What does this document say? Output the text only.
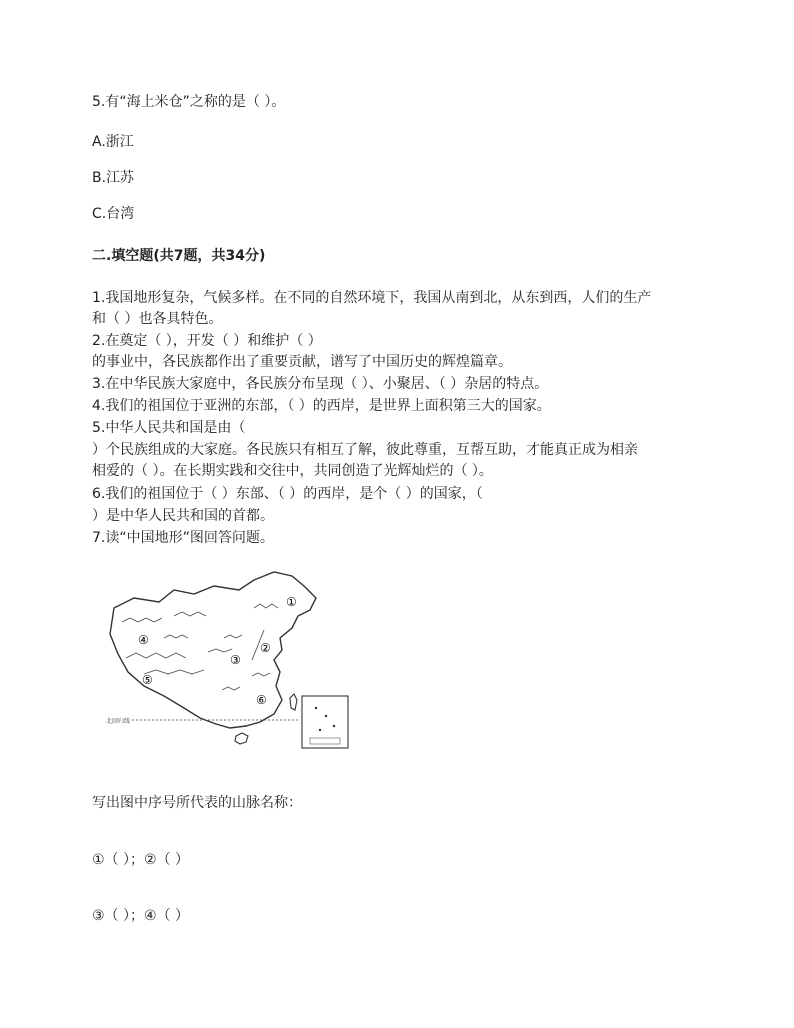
5.有“海上米仓”之称的是（ ）。
A.浙江
B.江苏
C.台湾
二.填空题(共7题，共34分)
1.我国地形复杂，气候多样。在不同的自然环境下，我国从南到北，从东到西，人们的生产
和（ ）也各具特色。
2.在奠定（ ），开发（ ）和维护（ ）
的事业中，各民族都作出了重要贡献，谱写了中国历史的辉煌篇章。
3.在中华民族大家庭中，各民族分布呈现（ ）、小聚居、（ ）杂居的特点。
4.我们的祖国位于亚洲的东部，（ ）的西岸，是世界上面积第三大的国家。
5.中华人民共和国是由（
）个民族组成的大家庭。各民族只有相互了解，彼此尊重，互帮互助，才能真正成为相亲
相爱的（ ）。在长期实践和交往中，共同创造了光辉灿烂的（ ）。
6.我们的祖国位于（ ）东部、（ ）的西岸，是个（ ）的国家，（
）是中华人民共和国的首都。
7.读“中国地形”图回答问题。
①
②
③
④
⑤
⑥
北回归线
写出图中序号所代表的山脉名称：
①（ ）；②（ ）
③（ ）；④（ ）
